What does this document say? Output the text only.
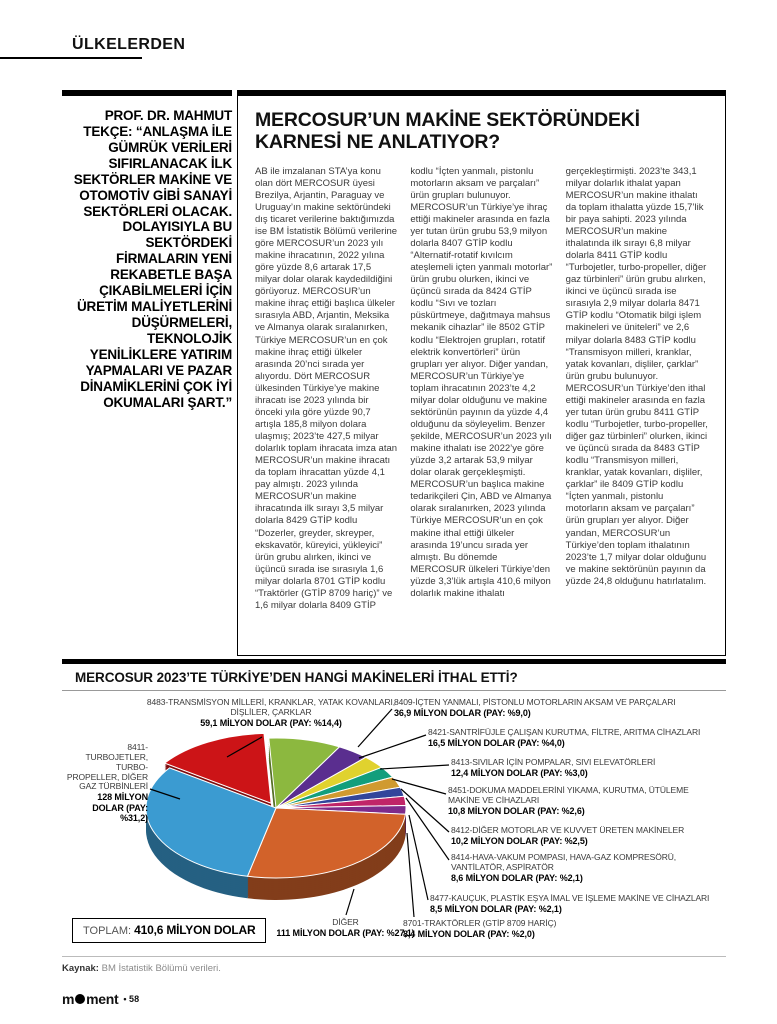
ÜLKELERDEN
PROF. DR. MAHMUT TEKÇE: “ANLAŞMA İLE GÜMRÜK VERİLERİ SIFIRLANACAK İLK SEKTÖRLER MAKİNE VE OTOMOTİV GİBİ SANAYİ SEKTÖRLERİ OLACAK. DOLAYISIYLA BU SEKTÖRDEKİ FİRMALARIN YENİ REKABETLE BAŞA ÇIKABİLMELERİ İÇİN ÜRETİM MALİYETLERİNİ DÜŞÜRMELERİ, TEKNOLOJİK YENİLİKLERE YATIRIM YAPMALARI VE PAZAR DİNAMİKLERİNİ ÇOK İYİ OKUMALARI ŞART.”
MERCOSUR’UN MAKİNE SEKTÖRÜNDEKİ KARNESİ NE ANLATIYOR?
AB ile imzalanan STA’ya konu olan dört MERCOSUR üyesi Brezilya, Arjantin, Paraguay ve Uruguay’ın makine sektöründeki dış ticaret verilerine baktığımızda ise BM İstatistik Bölümü verilerine göre MERCOSUR’un 2023 yılı makine ihracatının, 2022 yılına göre yüzde 8,6 artarak 17,5 milyar dolar olarak kaydedildiğini görüyoruz. MERCOSUR’un makine ihraç ettiği başlıca ülkeler sırasıyla ABD, Arjantin, Meksika ve Almanya olarak sıralanırken, Türkiye MERCOSUR’un en çok makine ihraç ettiği ülkeler arasında 20’nci sırada yer alıyordu. Dört MERCOSUR ülkesinden Türkiye’ye makine ihracatı ise 2023 yılında bir önceki yıla göre yüzde 90,7 artışla 185,8 milyon dolara ulaşmış; 2023’te 427,5 milyar dolarlık toplam ihracata imza atan MERCOSUR’un makine ihracatı da toplam ihracattan yüzde 4,1 pay almıştı. 2023 yılında MERCOSUR’un makine ihracatında ilk sırayı 3,5 milyar dolarla 8429 GTİP kodlu “Dozerler, greyder, skreyper, ekskavatör, küreyici, yükleyici” ürün grubu alırken, ikinci ve üçüncü sırada ise sırasıyla 1,6 milyar dolarla 8701 GTİP kodlu “Traktörler (GTİP 8709 hariç)” ve 1,6 milyar dolarla 8409 GTİP
kodlu “İçten yanmalı, pistonlu motorların aksam ve parçaları” ürün grupları bulunuyor. MERCOSUR’un Türkiye’ye ihraç ettiği makineler arasında en fazla yer tutan ürün grubu 53,9 milyon dolarla 8407 GTİP kodlu “Alternatif-rotatif kıvılcım ateşlemeli içten yanmalı motorlar” ürün grubu olurken, ikinci ve üçüncü sırada da 8424 GTİP kodlu “Sıvı ve tozları püskürtmeye, dağıtmaya mahsus mekanik cihazlar” ile 8502 GTİP kodlu “Elektrojen grupları, rotatif elektrik konvertörleri” ürün grupları yer alıyor. Diğer yandan, MERCOSUR’un Türkiye’ye toplam ihracatının 2023’te 4,2 milyar dolar olduğunu ve makine sektörünün payının da yüzde 4,4 olduğunu da söyleyelim. Benzer şekilde, MERCOSUR’un 2023 yılı makine ithalatı ise 2022’ye göre yüzde 3,2 artarak 53,9 milyar dolar olarak gerçekleşmişti. MERCOSUR’un başlıca makine tedarikçileri Çin, ABD ve Almanya olarak sıralanırken, 2023 yılında Türkiye MERCOSUR’un en çok makine ithal ettiği ülkeler arasında 19’uncu sırada yer almıştı. Bu dönemde MERCOSUR ülkeleri Türkiye’den yüzde 3,3’lük artışla 410,6 milyon dolarlık makine ithalatı
gerçekleştirmişti. 2023’te 343,1 milyar dolarlık ithalat yapan MERCOSUR’un makine ithalatı da toplam ithalatta yüzde 15,7’lik bir paya sahipti. 2023 yılında MERCOSUR’un makine ithalatında ilk sırayı 6,8 milyar dolarla 8411 GTİP kodlu “Turbojetler, turbo-propeller, diğer gaz türbinleri” ürün grubu alırken, ikinci ve üçüncü sırada ise sırasıyla 2,9 milyar dolarla 8471 GTİP kodlu “Otomatik bilgi işlem makineleri ve üniteleri” ve 2,6 milyar dolarla 8483 GTİP kodlu “Transmisyon milleri, kranklar, yatak kovanları, dişliler, çarklar” ürün grubu bulunuyor. MERCOSUR’un Türkiye’den ithal ettiği makineler arasında en fazla yer tutan ürün grubu 8411 GTİP kodlu “Turbojetler, turbo-propeller, diğer gaz türbinleri” olurken, ikinci ve üçüncü sırada da 8483 GTİP kodlu “Transmisyon milleri, kranklar, yatak kovanları, dişliler, çarklar” ile 8409 GTİP kodlu “İçten yanmalı, pistonlu motorların aksam ve parçaları” ürün grupları yer alıyor. Diğer yandan, MERCOSUR’un Türkiye’den toplam ithalatının 2023’te 1,7 milyar dolar olduğunu ve makine sektörünün payının da yüzde 24,8 olduğunu hatırlatalım.
MERCOSUR 2023’TE TÜRKİYE’DEN HANGİ MAKİNELERİ İTHAL ETTİ?
8411-TURBOJETLER, TURBO-PROPELLER, DİĞER GAZ TÜRBİNLERİ
128 MİLYON DOLAR (PAY: %31,2)
8483-TRANSMİSYON MİLLERİ, KRANKLAR, YATAK KOVANLARI, DİŞLİLER, ÇARKLAR
59,1 MİLYON DOLAR (PAY: %14,4)
8409-İÇTEN YANMALI, PİSTONLU MOTORLARIN AKSAM VE PARÇALARI
36,9 MİLYON DOLAR (PAY: %9,0)
8421-SANTRİFÜJLE ÇALIŞAN KURUTMA, FİLTRE, ARITMA CİHAZLARI
16,5 MİLYON DOLAR (PAY: %4,0)
8413-SIVILAR İÇİN POMPALAR, SIVI ELEVATÖRLERİ
12,4 MİLYON DOLAR (PAY: %3,0)
8451-DOKUMA MADDELERİNİ YIKAMA, KURUTMA, ÜTÜLEME MAKİNE VE CİHAZLARI
10,8 MİLYON DOLAR (PAY: %2,6)
8412-DİĞER MOTORLAR VE KUVVET ÜRETEN MAKİNELER
10,2 MİLYON DOLAR (PAY: %2,5)
8414-HAVA-VAKUM POMPASI, HAVA-GAZ KOMPRESÖRÜ, VANTİLATÖR, ASPİRATÖR
8,6 MİLYON DOLAR (PAY: %2,1)
8477-KAUÇUK, PLASTİK EŞYA İMAL VE İŞLEME MAKİNE VE CİHAZLARI
8,5 MİLYON DOLAR (PAY: %2,1)
8701-TRAKTÖRLER (GTİP 8709 HARİÇ)
8,4 MİLYON DOLAR (PAY: %2,0)
DİĞER
111 MİLYON DOLAR (PAY: %27,1)
TOPLAM: 410,6 MİLYON DOLAR
Kaynak: BM İstatistik Bölümü verileri.
m ment • 58
